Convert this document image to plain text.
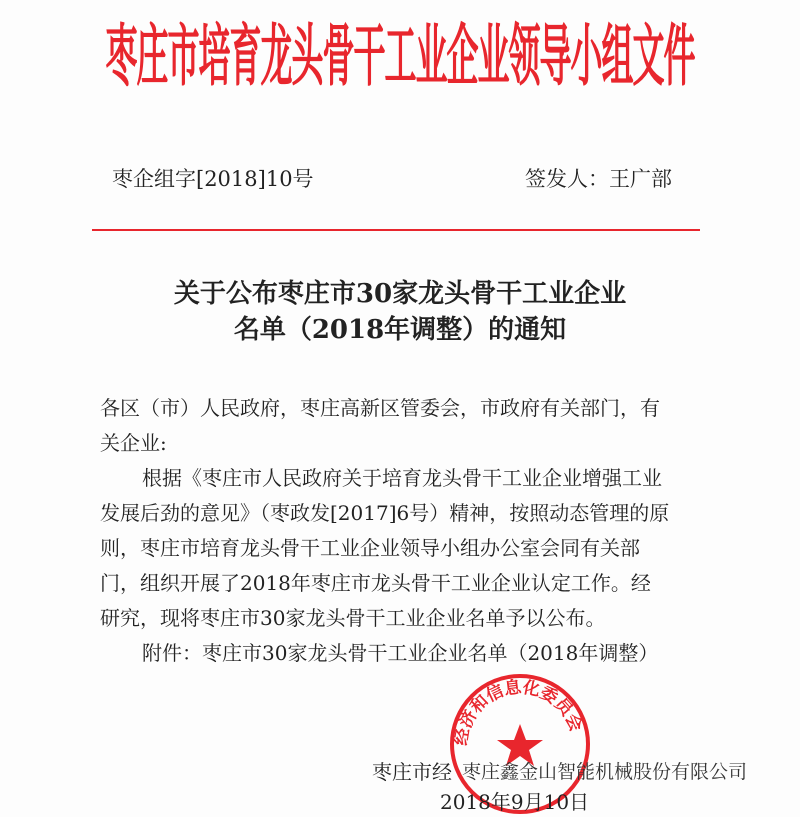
枣庄市培育龙头骨干工业企业领导小组文件
枣企组字[2018]10号	签发人：王广部
关于公布枣庄市30家龙头骨干工业企业
名单（2018年调整）的通知

各区（市）人民政府，枣庄高新区管委会，市政府有关部门，有

关企业:

根据《枣庄市人民政府关于培育龙头骨干工业企业增强工业

发展后劲的意见》（枣政发[2017]6号）精神，按照动态管理的原

则，枣庄市培育龙头骨干工业企业领导小组办公室会同有关部

门，组织开展了2018年枣庄市龙头骨干工业企业认定工作。经

研究，现将枣庄市30家龙头骨干工业企业名单予以公布。

附件：枣庄市30家龙头骨干工业企业名单（2018年调整）

经济和信息化委员会
枣庄市经 枣庄鑫金山智能机械股份有限公司
2018年9月10日
